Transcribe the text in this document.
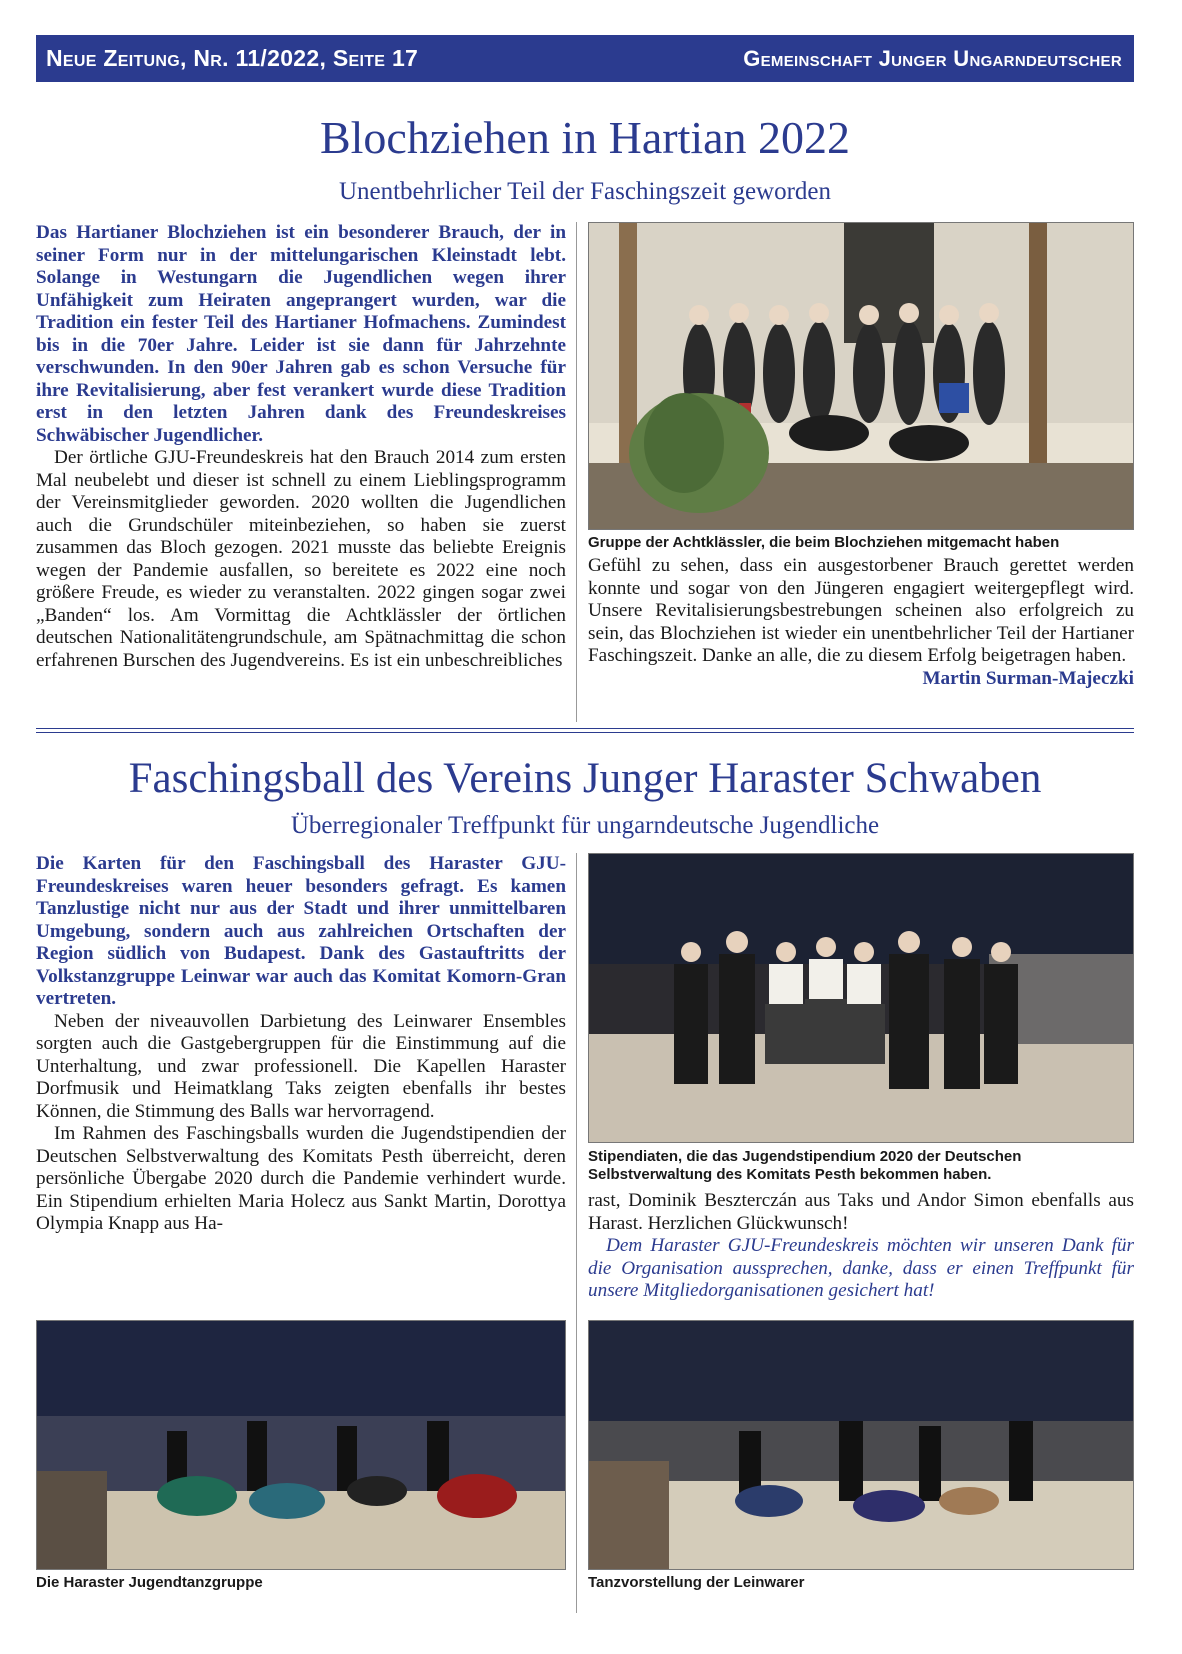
Neue Zeitung, Nr. 11/2022, Seite 17	Gemeinschaft Junger Ungarndeutscher
Blochziehen in Hartian 2022
Unentbehrlicher Teil der Faschingszeit geworden

Das Hartianer Blochziehen ist ein besonderer Brauch, der in seiner Form nur in der mittelungarischen Kleinstadt lebt. Solange in Westungarn die Jugendlichen wegen ihrer Unfähigkeit zum Heiraten angeprangert wurden, war die Tradition ein fester Teil des Hartianer Hofmachens. Zumindest bis in die 70er Jahre. Leider ist sie dann für Jahrzehnte verschwunden. In den 90er Jahren gab es schon Versuche für ihre Revitalisierung, aber fest verankert wurde diese Tradition erst in den letzten Jahren dank des Freundeskreises Schwäbischer Jugendlicher.

Der örtliche GJU-Freundeskreis hat den Brauch 2014 zum ersten Mal neubelebt und dieser ist schnell zu einem Lieblingsprogramm der Vereinsmitglieder geworden. 2020 wollten die Jugendlichen auch die Grundschüler miteinbeziehen, so haben sie zuerst zusammen das Bloch gezogen. 2021 musste das beliebte Ereignis wegen der Pandemie ausfallen, so bereitete es 2022 eine noch größere Freude, es wieder zu veranstalten. 2022 gingen sogar zwei „Banden“ los. Am Vormittag die Achtklässler der örtlichen deutschen Nationalitätengrundschule, am Spätnachmittag die schon erfahrenen Burschen des Jugendvereins. Es ist ein unbeschreibliches

Gruppe der Achtklässler, die beim Blochziehen mitgemacht haben

Gefühl zu sehen, dass ein ausgestorbener Brauch gerettet werden konnte und sogar von den Jüngeren engagiert weitergepflegt wird. Unsere Revitalisierungsbestrebungen scheinen also erfolgreich zu sein, das Blochziehen ist wieder ein unentbehrlicher Teil der Hartianer Faschingszeit. Danke an alle, die zu diesem Erfolg beigetragen haben.

Martin Surman-Majeczki

Faschingsball des Vereins Junger Haraster Schwaben
Überregionaler Treffpunkt für ungarndeutsche Jugendliche

Die Karten für den Faschingsball des Haraster GJU-Freundeskreises waren heuer besonders gefragt. Es kamen Tanzlustige nicht nur aus der Stadt und ihrer unmittelbaren Umgebung, sondern auch aus zahlreichen Ortschaften der Region südlich von Budapest. Dank des Gastauftritts der Volkstanzgruppe Leinwar war auch das Komitat Komorn-Gran vertreten.

Neben der niveauvollen Darbietung des Leinwarer Ensembles sorgten auch die Gastgebergruppen für die Einstimmung auf die Unterhaltung, und zwar professionell. Die Kapellen Haraster Dorfmusik und Heimatklang Taks zeigten ebenfalls ihr bestes Können, die Stimmung des Balls war hervorragend.

Im Rahmen des Faschingsballs wurden die Jugendstipendien der Deutschen Selbstverwaltung des Komitats Pesth überreicht, deren persönliche Übergabe 2020 durch die Pandemie verhindert wurde. Ein Stipendium erhielten Maria Holecz aus Sankt Martin, Dorottya Olympia Knapp aus Ha-

Stipendiaten, die das Jugendstipendium 2020 der Deutschen Selbstverwaltung des Komitats Pesth bekommen haben.

rast, Dominik Beszterczán aus Taks und Andor Simon ebenfalls aus Harast. Herzlichen Glückwunsch!

Dem Haraster GJU-Freundeskreis möchten wir unseren Dank für die Organisation aussprechen, danke, dass er einen Treffpunkt für unsere Mitgliedorganisationen gesichert hat!

Die Haraster Jugendtanzgruppe	Tanzvorstellung der Leinwarer
